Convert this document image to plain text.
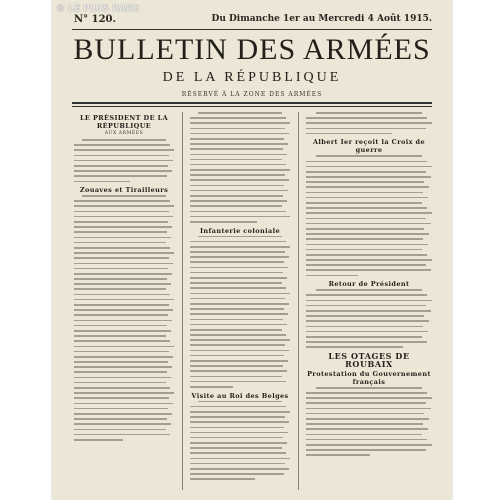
© LE PLUS RARE
N° 120.	Du Dimanche 1er au Mercredi 4 Août 1915.
BULLETIN DES ARMÉES
DE LA RÉPUBLIQUE
RÉSERVÉ À LA ZONE DES ARMÉES
LE PRÉSIDENT DE LA RÉPUBLIQUE
AUX ARMÉES
Zouaves et Tirailleurs
Infanterie coloniale
Visite au Roi des Belges
Albert Ier reçoit la Croix de guerre
Retour de Président
LES OTAGES DE ROUBAIX
Protestation du Gouvernement français
